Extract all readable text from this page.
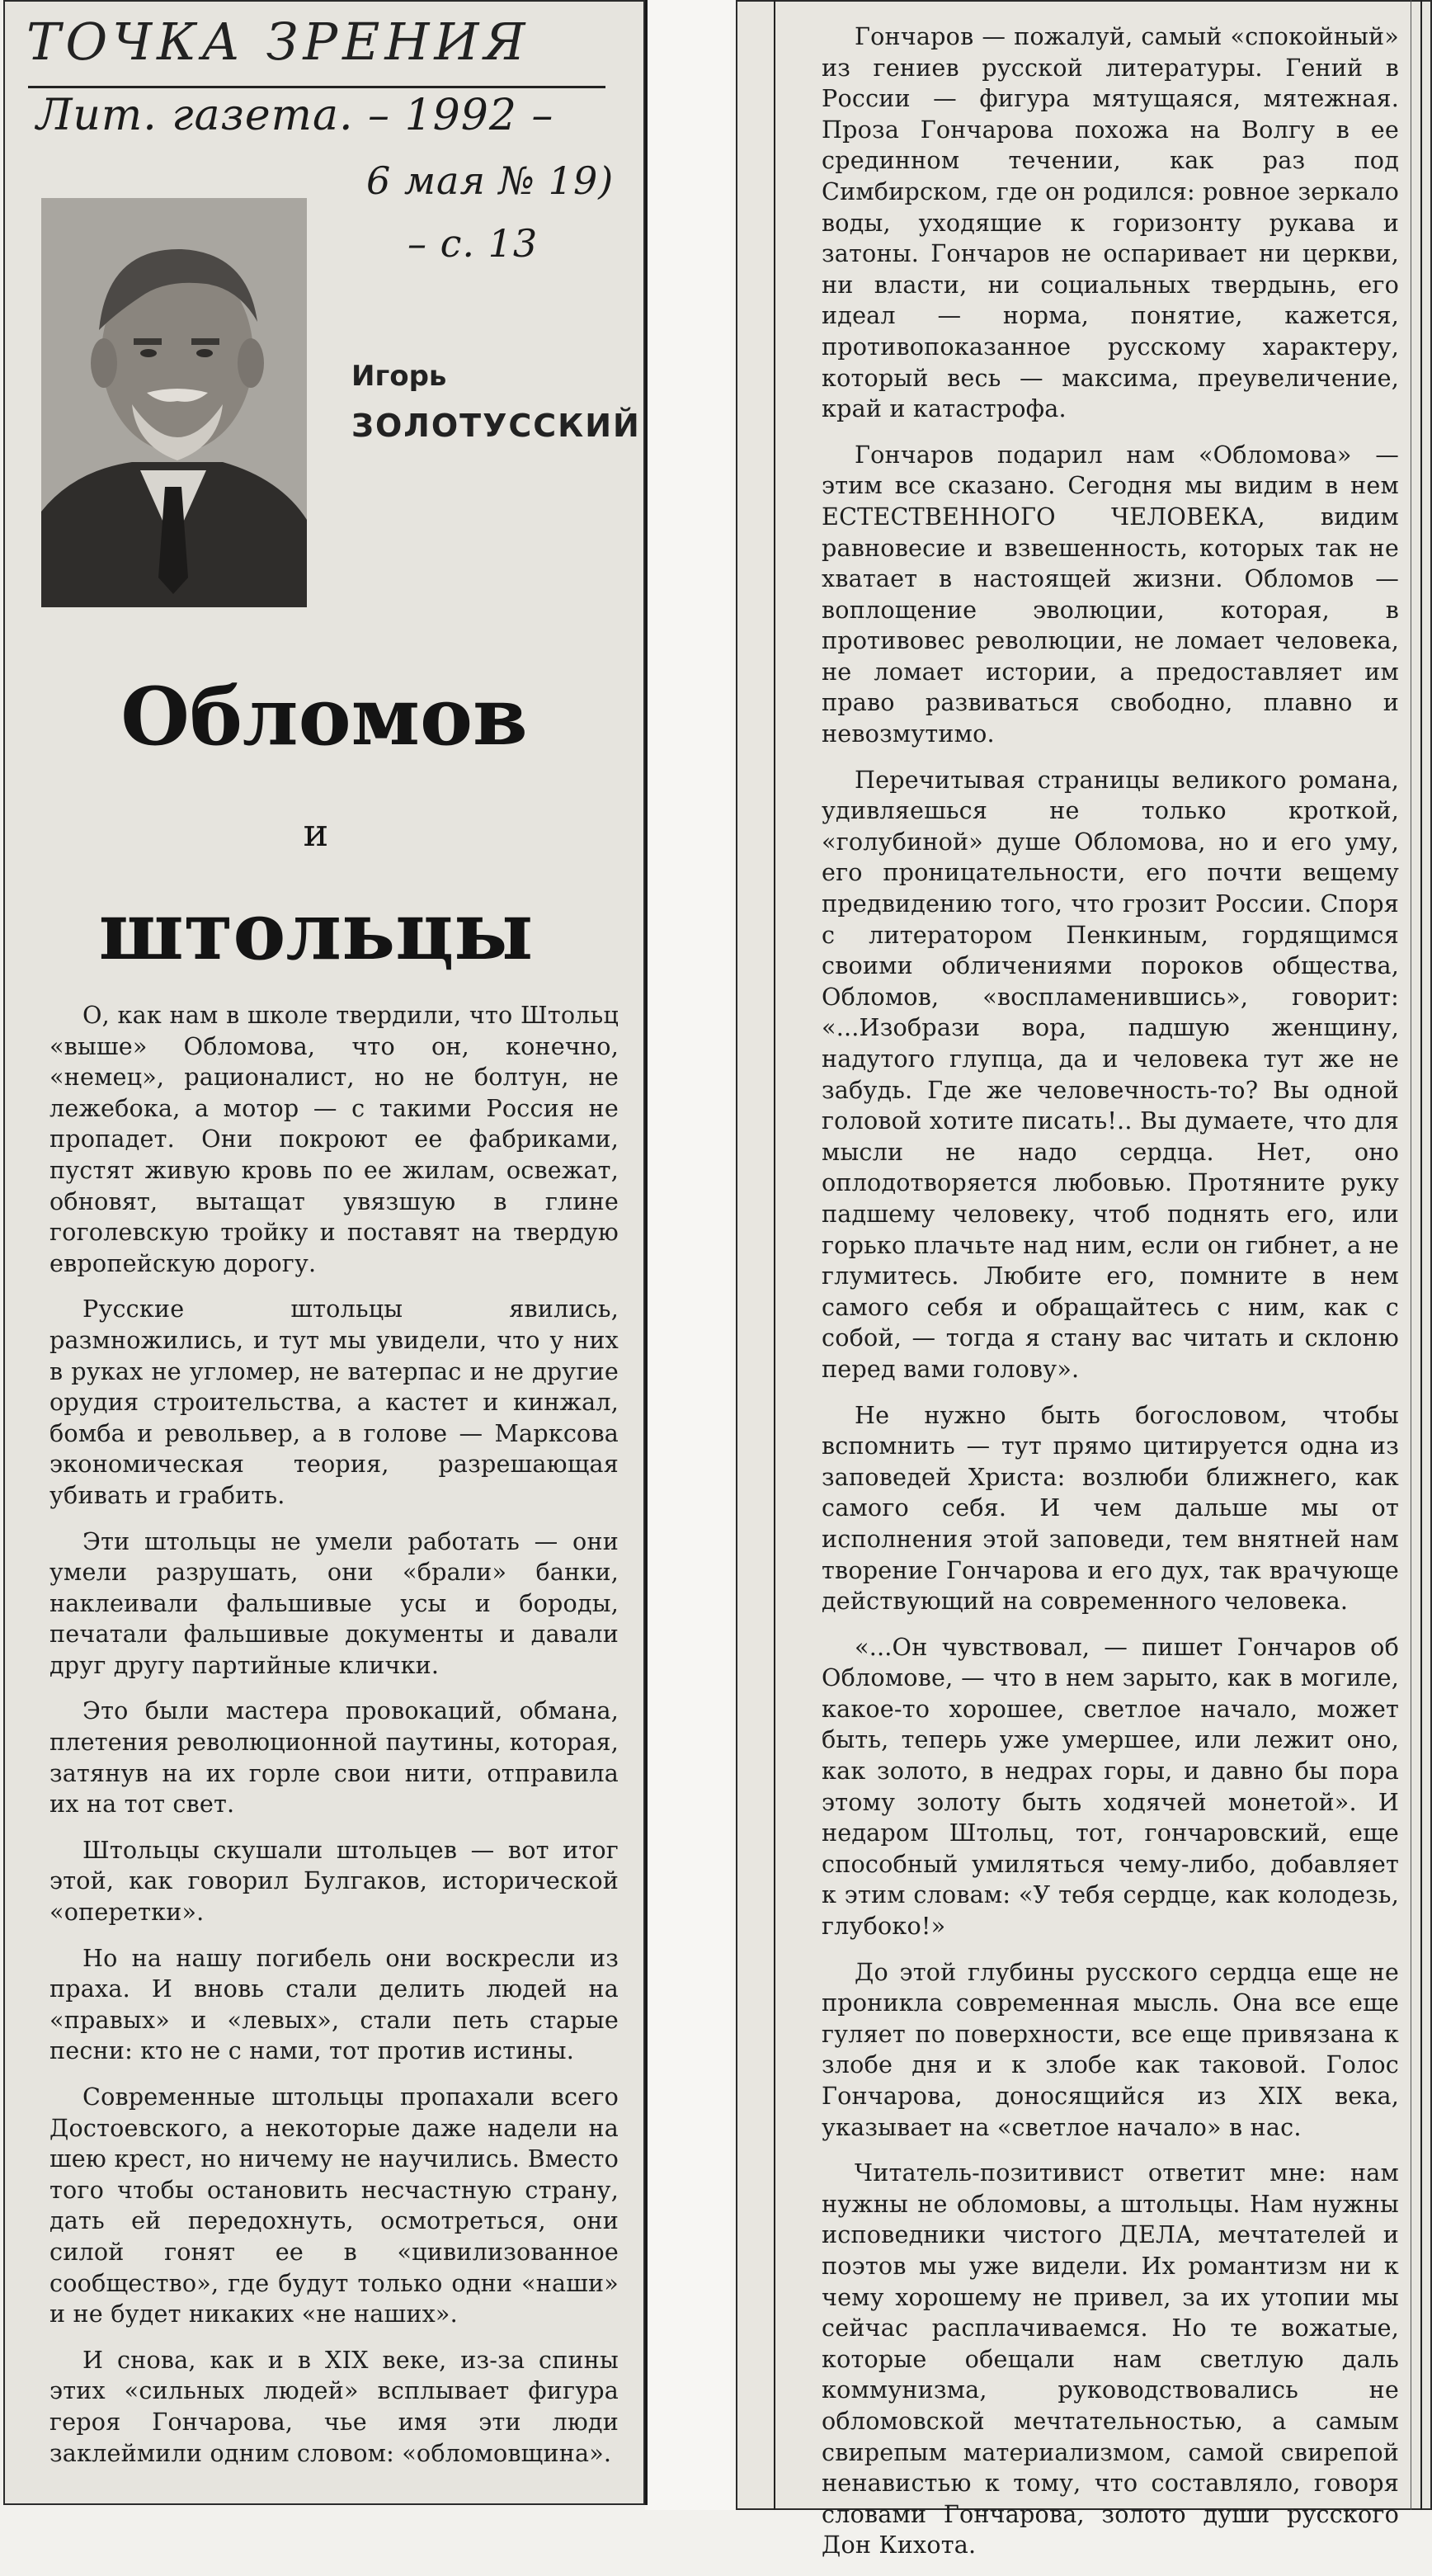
ТОЧКА ЗРЕНИЯ
Лит. газета. – 1992 –
6 мая № 19)
– с. 13
Игорь
ЗОЛОТУССКИЙ
Обломов
и
штольцы

О, как нам в школе твердили, что Штольц «выше» Обломова, что он, конечно, «немец», рационалист, но не болтун, не лежебока, а мотор — с такими Россия не пропадет. Они покроют ее фабриками, пустят живую кровь по ее жилам, освежат, обновят, вытащат увязшую в глине гоголевскую тройку и поставят на твердую европейскую дорогу.

Русские штольцы явились, размножились, и тут мы увидели, что у них в руках не угломер, не ватерпас и не другие орудия строительства, а кастет и кинжал, бомба и револьвер, а в голове — Марксова экономическая теория, разрешающая убивать и грабить.

Эти штольцы не умели работать — они умели разрушать, они «брали» банки, наклеивали фальшивые усы и бороды, печатали фальшивые документы и давали друг другу партийные клички.

Это были мастера провокаций, обмана, плетения революционной паутины, которая, затянув на их горле свои нити, отправила их на тот свет.

Штольцы скушали штольцев — вот итог этой, как говорил Булгаков, исторической «оперетки».

Но на нашу погибель они воскресли из праха. И вновь стали делить людей на «правых» и «левых», стали петь старые песни: кто не с нами, тот против истины.

Современные штольцы пропахали всего Достоевского, а некоторые даже надели на шею крест, но ничему не научились. Вместо того чтобы остановить несчастную страну, дать ей передохнуть, осмотреться, они силой гонят ее в «цивилизованное сообщество», где будут только одни «наши» и не будет никаких «не наших».

И снова, как и в XIX веке, из-за спины этих «сильных людей» всплывает фигура героя Гончарова, чье имя эти люди заклеймили одним словом: «обломовщина».

Гончаров — пожалуй, самый «спокойный» из гениев русской литературы. Гений в России — фигура мятущаяся, мятежная. Проза Гончарова похожа на Волгу в ее срединном течении, как раз под Симбирском, где он родился: ровное зеркало воды, уходящие к горизонту рукава и затоны. Гончаров не оспаривает ни церкви, ни власти, ни социальных твердынь, его идеал — норма, понятие, кажется, противопоказанное русскому характеру, который весь — максима, преувеличение, край и катастрофа.

Гончаров подарил нам «Обломова» — этим все сказано. Сегодня мы видим в нем ЕСТЕСТВЕННОГО ЧЕЛОВЕКА, видим равновесие и взвешенность, которых так не хватает в настоящей жизни. Обломов — воплощение эволюции, которая, в противовес революции, не ломает человека, не ломает истории, а предоставляет им право развиваться свободно, плавно и невозмутимо.

Перечитывая страницы великого романа, удивляешься не только кроткой, «голубиной» душе Обломова, но и его уму, его проницательности, его почти вещему предвидению того, что грозит России. Споря с литератором Пенкиным, гордящимся своими обличениями пороков общества, Обломов, «воспламенившись», говорит: «...Изобрази вора, падшую женщину, надутого глупца, да и человека тут же не забудь. Где же человечность-то? Вы одной головой хотите писать!.. Вы думаете, что для мысли не надо сердца. Нет, оно оплодотворяется любовью. Протяните руку падшему человеку, чтоб поднять его, или горько плачьте над ним, если он гибнет, а не глумитесь. Любите его, помните в нем самого себя и обращайтесь с ним, как с собой, — тогда я стану вас читать и склоню перед вами голову».

Не нужно быть богословом, чтобы вспомнить — тут прямо цитируется одна из заповедей Христа: возлюби ближнего, как самого себя. И чем дальше мы от исполнения этой заповеди, тем внятней нам творение Гончарова и его дух, так врачующе действующий на современного человека.

«...Он чувствовал, — пишет Гончаров об Обломове, — что в нем зарыто, как в могиле, какое-то хорошее, светлое начало, может быть, теперь уже умершее, или лежит оно, как золото, в недрах горы, и давно бы пора этому золоту быть ходячей монетой». И недаром Штольц, тот, гончаровский, еще способный умиляться чему-либо, добавляет к этим словам: «У тебя сердце, как колодезь, глубоко!»

До этой глубины русского сердца еще не проникла современная мысль. Она все еще гуляет по поверхности, все еще привязана к злобе дня и к злобе как таковой. Голос Гончарова, доносящийся из XIX века, указывает на «светлое начало» в нас.

Читатель-позитивист ответит мне: нам нужны не обломовы, а штольцы. Нам нужны исповедники чистого ДЕЛА, мечтателей и поэтов мы уже видели. Их романтизм ни к чему хорошему не привел, за их утопии мы сейчас расплачиваемся. Но те вожатые, которые обещали нам светлую даль коммунизма, руководствовались не обломовской мечтательностью, а самым свирепым материализмом, самой свирепой ненавистью к тому, что составляло, говоря словами Гончарова, золото души русского Дон Кихота.
